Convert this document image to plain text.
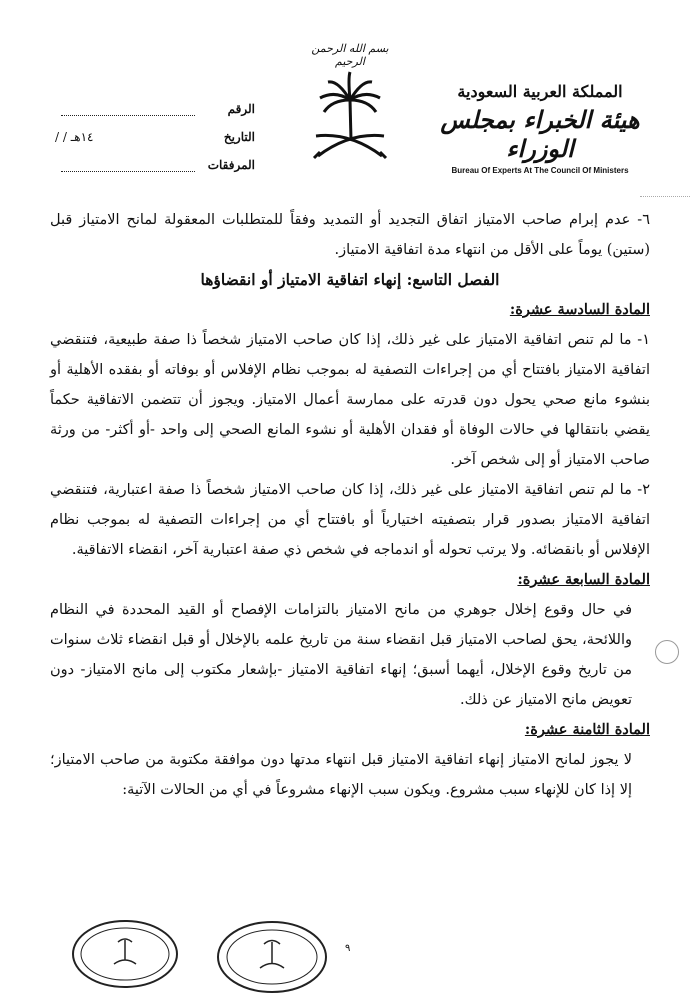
بسم الله الرحمن الرحيم
المملكة العربية السعودية
هيئة الخبراء بمجلس الوزراء
Bureau Of Experts At The Council Of Ministers
الرقم
التاريخ
/ / ١٤هـ
المرفقات

٦- عدم إبرام صاحب الامتياز اتفاق التجديد أو التمديد وفقاً للمتطلبات المعقولة لمانح الامتياز قبل (ستين) يوماً على الأقل من انتهاء مدة اتفاقية الامتياز.

الفصل التاسع: إنهاء اتفاقية الامتياز أو انقضاؤها

المادة السادسة عشرة:

١- ما لم تنص اتفاقية الامتياز على غير ذلك، إذا كان صاحب الامتياز شخصاً ذا صفة طبيعية، فتنقضي اتفاقية الامتياز بافتتاح أي من إجراءات التصفية له بموجب نظام الإفلاس أو بوفاته أو بفقده الأهلية أو بنشوء مانع صحي يحول دون قدرته على ممارسة أعمال الامتياز. ويجوز أن تتضمن الاتفاقية حكماً يقضي بانتقالها في حالات الوفاة أو فقدان الأهلية أو نشوء المانع الصحي إلى واحد -أو أكثر- من ورثة صاحب الامتياز أو إلى شخص آخر.

٢- ما لم تنص اتفاقية الامتياز على غير ذلك، إذا كان صاحب الامتياز شخصاً ذا صفة اعتبارية، فتنقضي اتفاقية الامتياز بصدور قرار بتصفيته اختيارياً أو بافتتاح أي من إجراءات التصفية له بموجب نظام الإفلاس أو بانقضائه. ولا يرتب تحوله أو اندماجه في شخص ذي صفة اعتبارية آخر، انقضاء الاتفاقية.

المادة السابعة عشرة:

في حال وقوع إخلال جوهري من مانح الامتياز بالتزامات الإفصاح أو القيد المحددة في النظام واللائحة، يحق لصاحب الامتياز قبل انقضاء سنة من تاريخ علمه بالإخلال أو قبل انقضاء ثلاث سنوات من تاريخ وقوع الإخلال، أيهما أسبق؛ إنهاء اتفاقية الامتياز -بإشعار مكتوب إلى مانح الامتياز- دون تعويض مانح الامتياز عن ذلك.

المادة الثامنة عشرة:

لا يجوز لمانح الامتياز إنهاء اتفاقية الامتياز قبل انتهاء مدتها دون موافقة مكتوبة من صاحب الامتياز؛ إلا إذا كان للإنهاء سبب مشروع. ويكون سبب الإنهاء مشروعاً في أي من الحالات الآتية:

٩
